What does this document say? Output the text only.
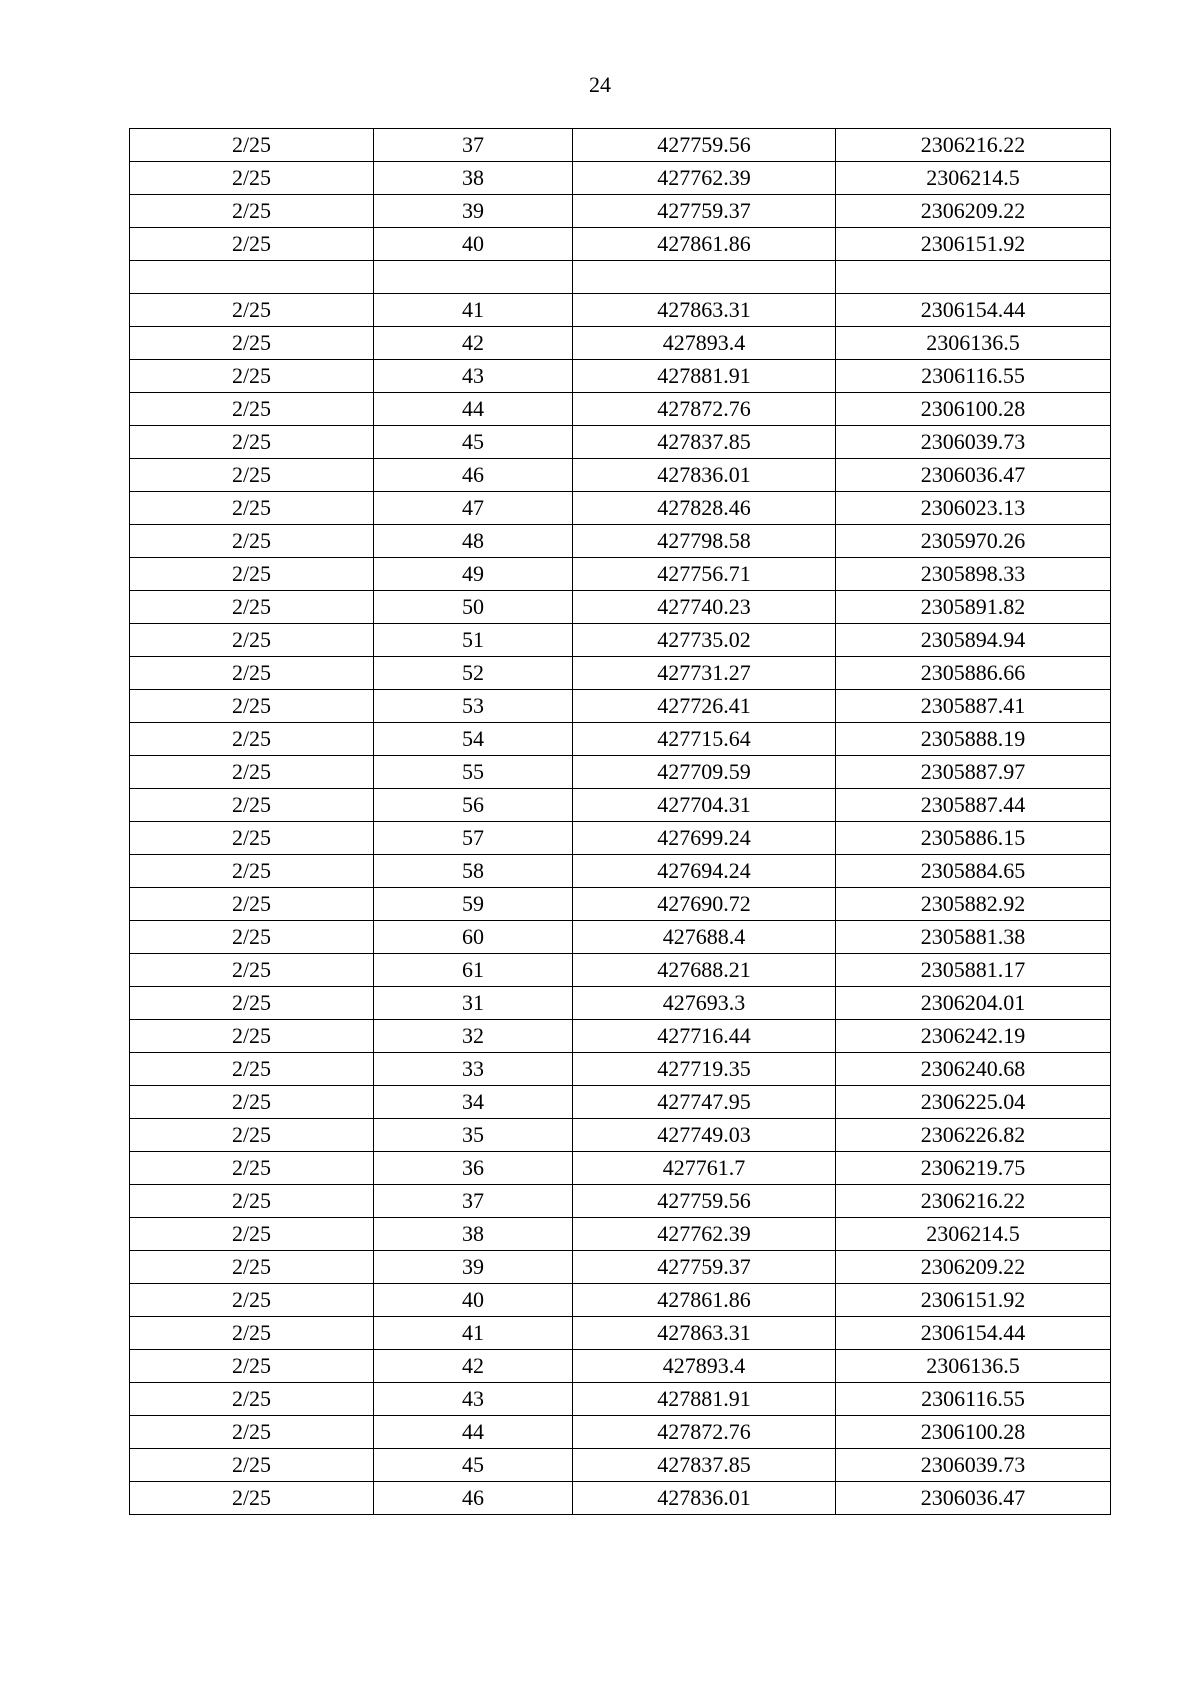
24
2/25	37	427759.56	2306216.22
2/25	38	427762.39	2306214.5
2/25	39	427759.37	2306209.22
2/25	40	427861.86	2306151.92

2/25	41	427863.31	2306154.44
2/25	42	427893.4	2306136.5
2/25	43	427881.91	2306116.55
2/25	44	427872.76	2306100.28
2/25	45	427837.85	2306039.73
2/25	46	427836.01	2306036.47
2/25	47	427828.46	2306023.13
2/25	48	427798.58	2305970.26
2/25	49	427756.71	2305898.33
2/25	50	427740.23	2305891.82
2/25	51	427735.02	2305894.94
2/25	52	427731.27	2305886.66
2/25	53	427726.41	2305887.41
2/25	54	427715.64	2305888.19
2/25	55	427709.59	2305887.97
2/25	56	427704.31	2305887.44
2/25	57	427699.24	2305886.15
2/25	58	427694.24	2305884.65
2/25	59	427690.72	2305882.92
2/25	60	427688.4	2305881.38
2/25	61	427688.21	2305881.17
2/25	31	427693.3	2306204.01
2/25	32	427716.44	2306242.19
2/25	33	427719.35	2306240.68
2/25	34	427747.95	2306225.04
2/25	35	427749.03	2306226.82
2/25	36	427761.7	2306219.75
2/25	37	427759.56	2306216.22
2/25	38	427762.39	2306214.5
2/25	39	427759.37	2306209.22
2/25	40	427861.86	2306151.92
2/25	41	427863.31	2306154.44
2/25	42	427893.4	2306136.5
2/25	43	427881.91	2306116.55
2/25	44	427872.76	2306100.28
2/25	45	427837.85	2306039.73
2/25	46	427836.01	2306036.47
